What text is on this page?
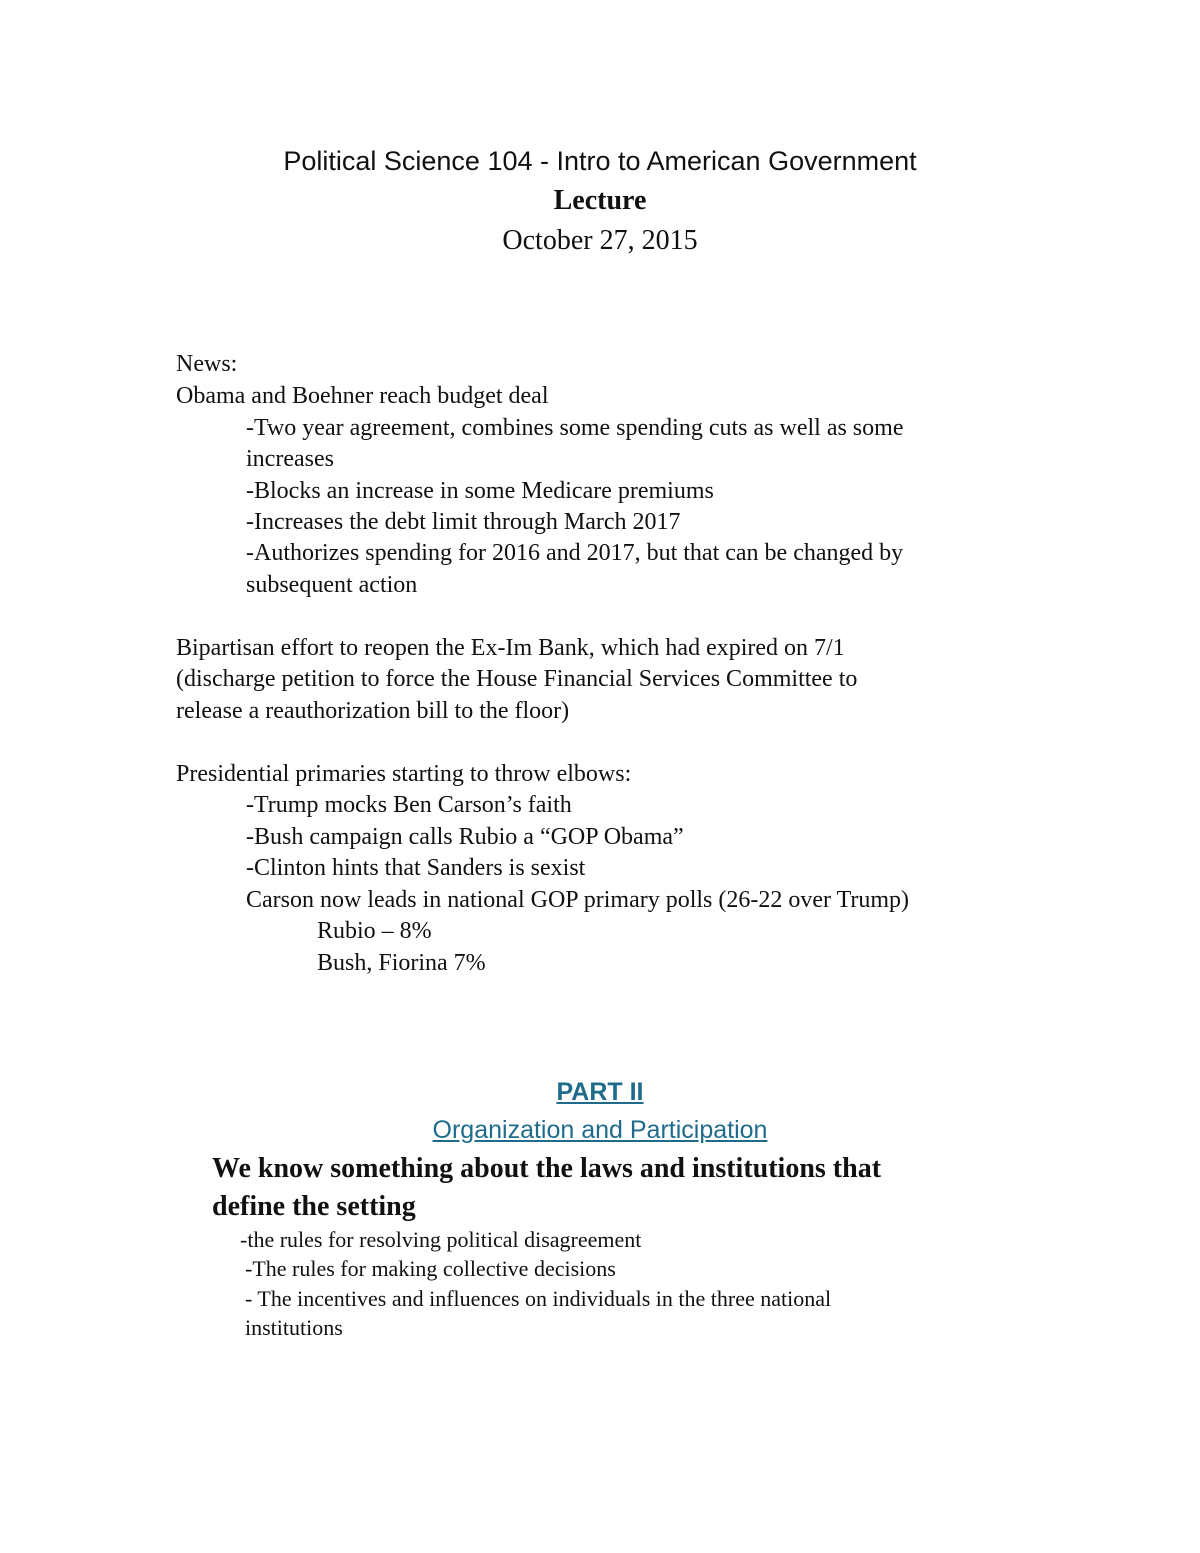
Political Science 104 - Intro to American Government
Lecture
October 27, 2015
News:
Obama and Boehner reach budget deal
-Two year agreement, combines some spending cuts as well as some
increases
-Blocks an increase in some Medicare premiums
-Increases the debt limit through March 2017
-Authorizes spending for 2016 and 2017, but that can be changed by
subsequent action
Bipartisan effort to reopen the Ex-Im Bank, which had expired on 7/1
(discharge petition to force the House Financial Services Committee to
release a reauthorization bill to the floor)
Presidential primaries starting to throw elbows:
-Trump mocks Ben Carson’s faith
-Bush campaign calls Rubio a “GOP Obama”
-Clinton hints that Sanders is sexist
Carson now leads in national GOP primary polls (26-22 over Trump)
Rubio – 8%
Bush, Fiorina 7%
PART II
Organization and Participation
We know something about the laws and institutions that
define the setting
-the rules for resolving political disagreement
-The rules for making collective decisions
- The incentives and influences on individuals in the three national
institutions
